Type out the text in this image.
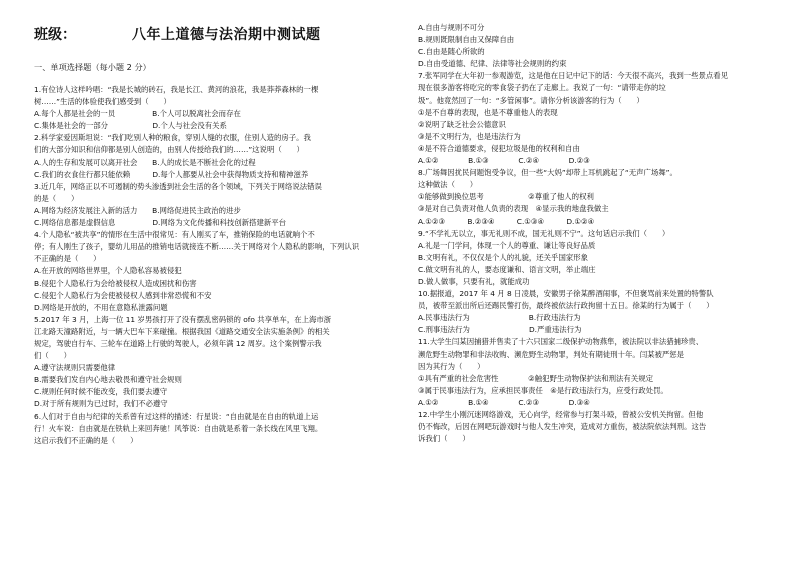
班级：	八年上道德与法治期中测试题
一、单项选择题（每小题 2 分）
1.有位诗人这样吟唱：“我是长城的砖石，我是长江、黄河的浪花，我是莽莽森林的一棵
树……”生活的体验使我们感受到（　　）
A.每个人都是社会的一员　　　　　B.个人可以脱离社会而存在
C.集体是社会的一部分　　　　　　D.个人与社会没有关系
2.科学家爱因斯坦说：“我们吃别人种的粮食，穿别人缝的衣服，住别人造的房子。我
们的大部分知识和信仰都是别人创造的，由别人传授给我们的……”这说明（　　）
A.人的生存和发展可以离开社会　　B.人的成长是不断社会化的过程
C.我们的衣食住行都只能依赖　　　D.每个人都要从社会中获得物质支持和精神滋养
3.近几年，网络正以不可遏制的势头渗透到社会生活的各个领域，下列关于网络说法错误
的是（　　）
A.网络为经济发展注入新的活力　　B.网络促进民主政治的进步
C.网络信息都是虚假信息　　　　　D.网络为文化传播和科技创新搭建新平台
4.个人隐私“被共享”的情形在生活中很常见：有人刚买了车，推销保险的电话就响个不
停；有人刚生了孩子，婴幼儿用品的推销电话就接连不断……关于网络对个人隐私的影响，下列认识
不正确的是（　　）
A.在开放的网络世界里，个人隐私容易被侵犯
B.侵犯个人隐私行为会给被侵权人造成困扰和伤害
C.侵犯个人隐私行为会使被侵权人感到非常恐慌和不安
D.网络是开放的，不用在意隐私泄露问题
5.2017 年 3 月，上海一位 11 岁男孩打开了没有摆乱密码锁的 ofo 共享单车，在上海市浙
江北路天潼路附近，与一辆大巴车下来碰撞。根据我国《道路交通安全法实施条例》的相关
规定，驾驶自行车、三轮车在道路上行驶的驾驶人，必须年满 12 周岁。这个案例警示我
们（　　）
A.遵守法规则只需要他律
B.需要我们发自内心地去敬畏和遵守社会规则
C.规则任何时候不能改变，我们要去遵守
D.对于所有规则为已过时，我们不必遵守
6.人们对于自由与纪律的关系曾有过这样的描述：行星说：“自由就是在自由的轨道上运
行！火车说：自由就是在铁轨上来回奔驰！风筝说：自由就是系着一条长线在风里飞翔。
这启示我们不正确的是（　　）
A.自由与规则不可分
B.规则既限制自由又保障自由
C.自由是随心所欲的
D.自由受道德、纪律、法律等社会规则的约束
7.张军同学在大年初一参观游览，这是他在日记中记下的话：今天很不高兴，我到一些景点看见
现在很多游客将吃完的零食袋子扔在了走廊上。我说了一句：“请带走你的垃
圾”。他竟然回了一句：“多管闲事”。请你分析该游客的行为（　　）
①是不自尊的表现，也是不尊重他人的表现
②说明了缺乏社会公德意识
③是不文明行为，也是违法行为
④是不符合道德要求，侵犯垃圾是他的权利和自由
A.①②　　　　B.①③　　　　C.②④　　　　D.②③
8.广场舞因扰民问题饱受争议，但一些“大妈”却带上耳机跳起了“无声广场舞”。
这种做法（　　）
①能够做到换位思考　　　　　　②尊重了他人的权利
③是对自己负责对他人负责的表现　④显示我的地盘我做主
A.①②③　　　B.②③④　　　C.①③④　　　D.①②④
9.“不学礼无以立，事无礼则不成，国无礼则不宁”。这句话启示我们（　　）
A.礼是一门学问，体现一个人的尊重、谦让等良好品质
B.文明有礼，不仅仅是个人的礼貌，还关乎国家形象
C.做文明有礼的人，要态度谦和、语言文明，举止端庄
D.做人做事，只要有礼，就能成功
10.据报道，2017 年 4 月 8 日凌晨，安徽男子徐某醉酒闹事，不但褒骂前来处置的特警队
员，被带至派出所后还踢民警打伤，最终被依法行政拘留十五日。徐某的行为属于（　　）
A.民事违法行为　　　　　　　　B.行政违法行为
C.刑事违法行为　　　　　　　　D.严重违法行为
11.大学生闫某因捕猎并售卖了十六只国家二级保护动物燕隼，被法院以非法猎捕珍贵、
濒危野生动物罪和非法收购、濒危野生动物罪，判处有期徒刑十年。闫某被严惩是
因为其行为（　　）
①具有严重的社会危害性　　　　②触犯野生动物保护法和刑法有关规定
③属于民事违法行为，应承担民事责任　④是行政违法行为，应受行政处罚。
A.①②　　　　B.①④　　　　C.②③　　　　D.③④
12.中学生小刚沉迷网络游戏，无心向学，经常参与打架斗殴，曾被公安机关拘留。但他
仍不悔改，后因在网吧玩游戏时与他人发生冲突，造成对方重伤，被法院依法判刑。这告
诉我们（　　）
